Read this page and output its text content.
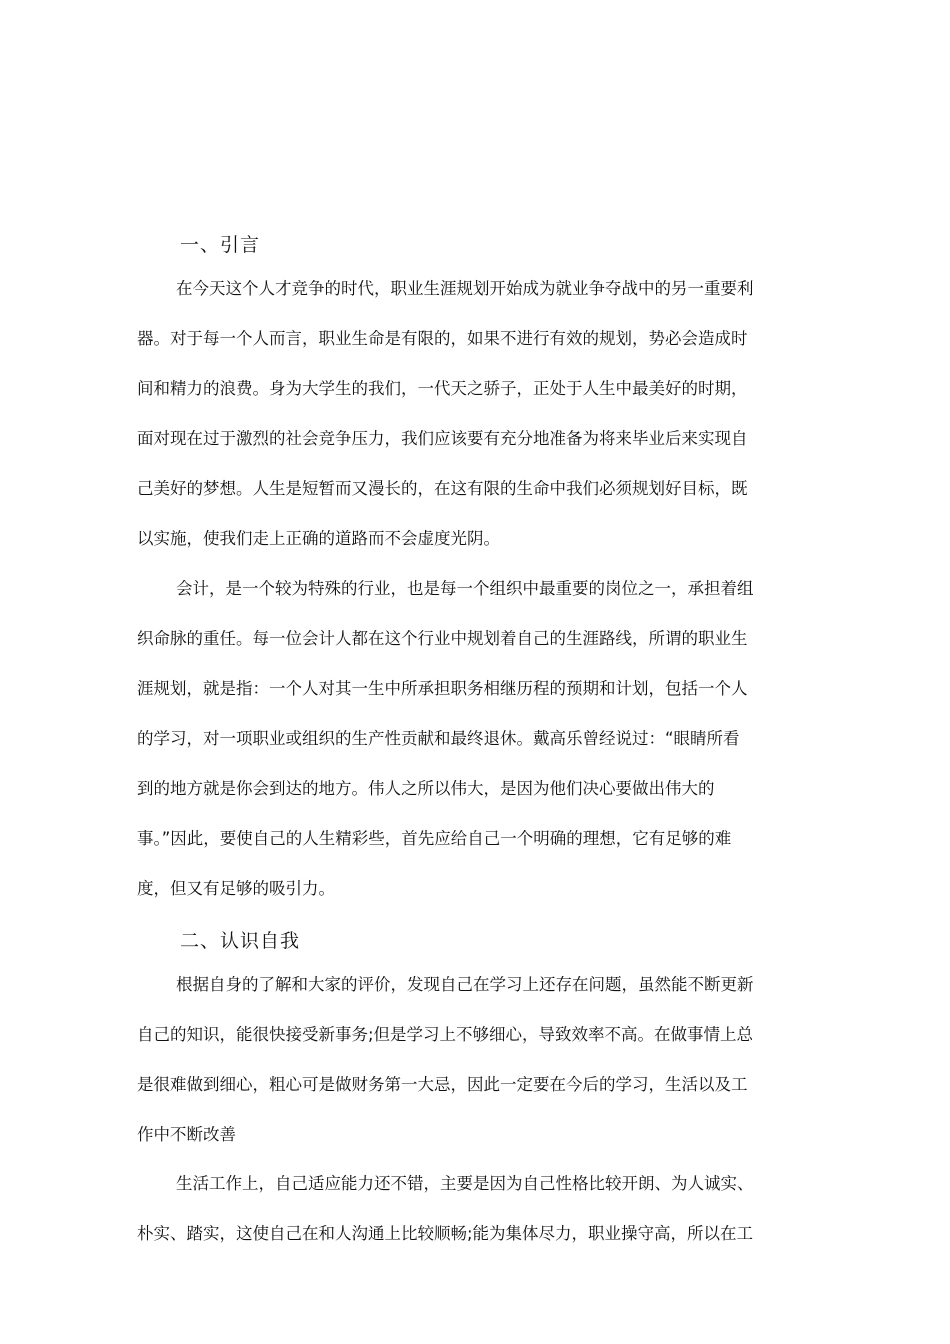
一、引言
在今天这个人才竞争的时代，职业生涯规划开始成为就业争夺战中的另一重要利
器。对于每一个人而言，职业生命是有限的，如果不进行有效的规划，势必会造成时
间和精力的浪费。身为大学生的我们，一代天之骄子，正处于人生中最美好的时期，
面对现在过于激烈的社会竞争压力，我们应该要有充分地准备为将来毕业后来实现自
己美好的梦想。人生是短暂而又漫长的，在这有限的生命中我们必须规划好目标，既
以实施，使我们走上正确的道路而不会虚度光阴。
会计，是一个较为特殊的行业，也是每一个组织中最重要的岗位之一，承担着组
织命脉的重任。每一位会计人都在这个行业中规划着自己的生涯路线，所谓的职业生
涯规划，就是指：一个人对其一生中所承担职务相继历程的预期和计划，包括一个人
的学习，对一项职业或组织的生产性贡献和最终退休。戴高乐曾经说过：“眼睛所看
到的地方就是你会到达的地方。伟人之所以伟大，是因为他们决心要做出伟大的
事。”因此，要使自己的人生精彩些，首先应给自己一个明确的理想，它有足够的难
度，但又有足够的吸引力。
二、认识自我
根据自身的了解和大家的评价，发现自己在学习上还存在问题，虽然能不断更新
自己的知识，能很快接受新事务;但是学习上不够细心，导致效率不高。在做事情上总
是很难做到细心，粗心可是做财务第一大忌，因此一定要在今后的学习，生活以及工
作中不断改善
生活工作上，自己适应能力还不错，主要是因为自己性格比较开朗、为人诚实、
朴实、踏实，这使自己在和人沟通上比较顺畅;能为集体尽力，职业操守高，所以在工
